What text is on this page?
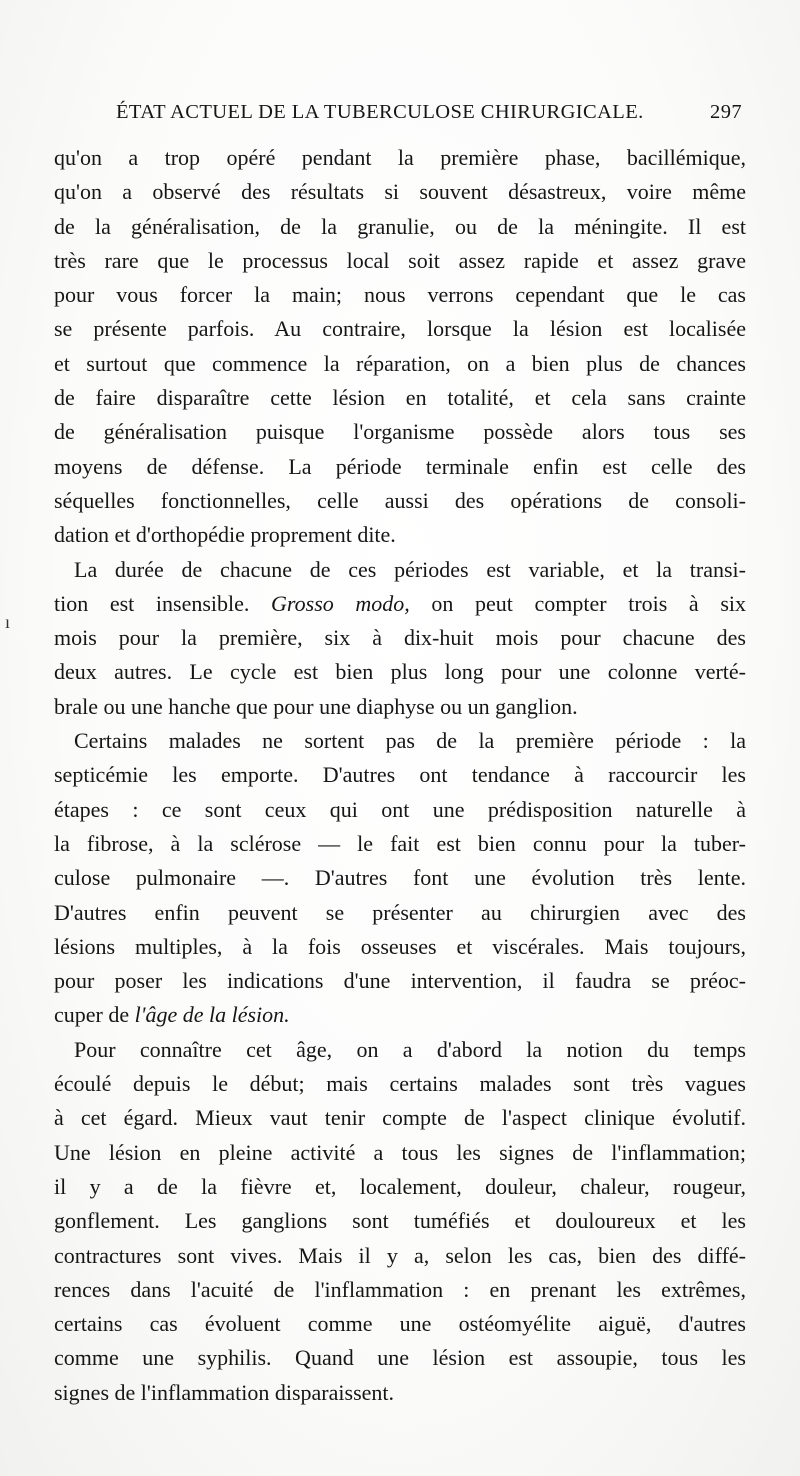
ÉTAT ACTUEL DE LA TUBERCULOSE CHIRURGICALE.	297
ı
qu'on a trop opéré pendant la première phase, bacillémique,
qu'on a observé des résultats si souvent désastreux, voire même
de la généralisation, de la granulie, ou de la méningite. Il est
très rare que le processus local soit assez rapide et assez grave
pour vous forcer la main; nous verrons cependant que le cas
se présente parfois. Au contraire, lorsque la lésion est localisée
et surtout que commence la réparation, on a bien plus de chances
de faire disparaître cette lésion en totalité, et cela sans crainte
de généralisation puisque l'organisme possède alors tous ses
moyens de défense. La période terminale enfin est celle des
séquelles fonctionnelles, celle aussi des opérations de consoli-
dation et d'orthopédie proprement dite.
La durée de chacune de ces périodes est variable, et la transi-
tion est insensible. Grosso modo, on peut compter trois à six
mois pour la première, six à dix-huit mois pour chacune des
deux autres. Le cycle est bien plus long pour une colonne verté-
brale ou une hanche que pour une diaphyse ou un ganglion.
Certains malades ne sortent pas de la première période : la
septicémie les emporte. D'autres ont tendance à raccourcir les
étapes : ce sont ceux qui ont une prédisposition naturelle à
la fibrose, à la sclérose — le fait est bien connu pour la tuber-
culose pulmonaire —. D'autres font une évolution très lente.
D'autres enfin peuvent se présenter au chirurgien avec des
lésions multiples, à la fois osseuses et viscérales. Mais toujours,
pour poser les indications d'une intervention, il faudra se préoc-
cuper de l'âge de la lésion.
Pour connaître cet âge, on a d'abord la notion du temps
écoulé depuis le début; mais certains malades sont très vagues
à cet égard. Mieux vaut tenir compte de l'aspect clinique évolutif.
Une lésion en pleine activité a tous les signes de l'inflammation;
il y a de la fièvre et, localement, douleur, chaleur, rougeur,
gonflement. Les ganglions sont tuméfiés et douloureux et les
contractures sont vives. Mais il y a, selon les cas, bien des diffé-
rences dans l'acuité de l'inflammation : en prenant les extrêmes,
certains cas évoluent comme une ostéomyélite aiguë, d'autres
comme une syphilis. Quand une lésion est assoupie, tous les
signes de l'inflammation disparaissent.
